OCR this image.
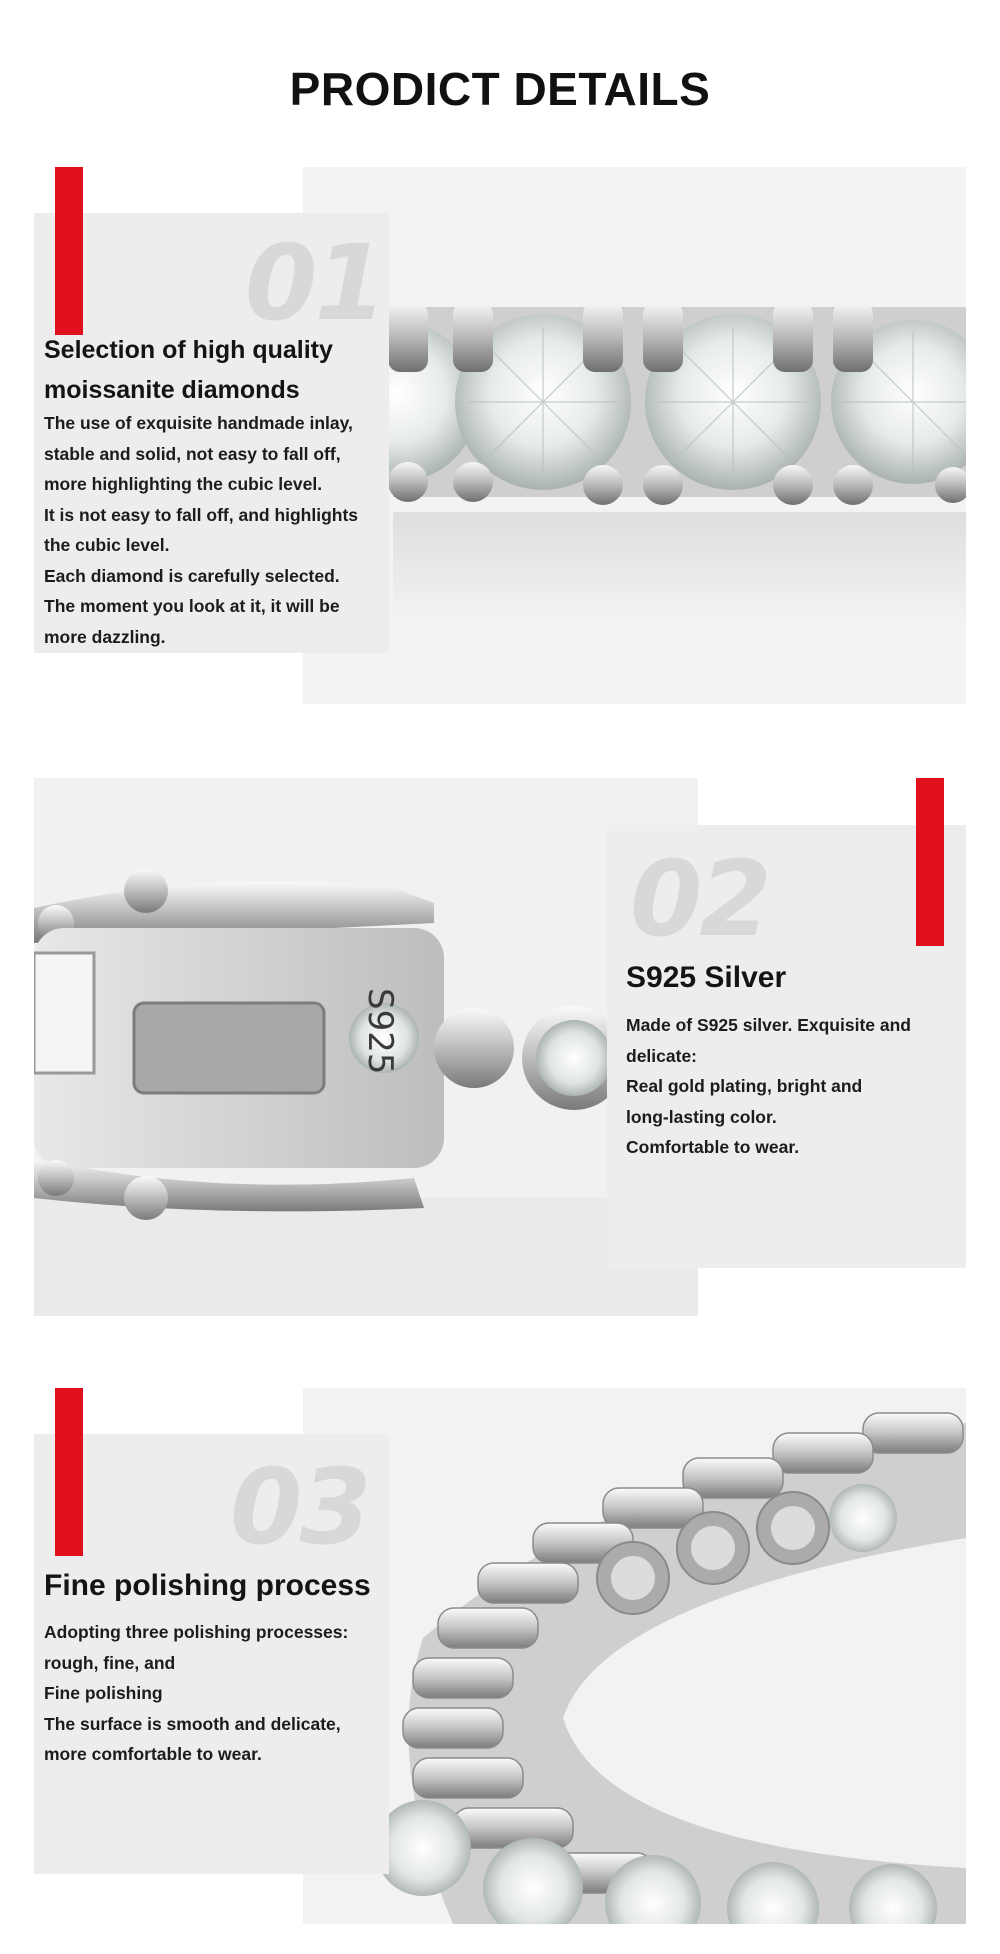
PRODICT DETAILS
01
Selection of high quality
moissanite diamonds
The use of exquisite handmade inlay,
stable and solid, not easy to fall off,
more highlighting the cubic level.
It is not easy to fall off, and highlights
the cubic level.
Each diamond is carefully selected.
The moment you look at it, it will be
more dazzling.
S925
02
S925 Silver
Made of S925 silver. Exquisite and
delicate:
Real gold plating, bright and
long-lasting color.
Comfortable to wear.
03
Fine polishing process
Adopting three polishing processes:
rough, fine, and
Fine polishing
The surface is smooth and delicate,
more comfortable to wear.
